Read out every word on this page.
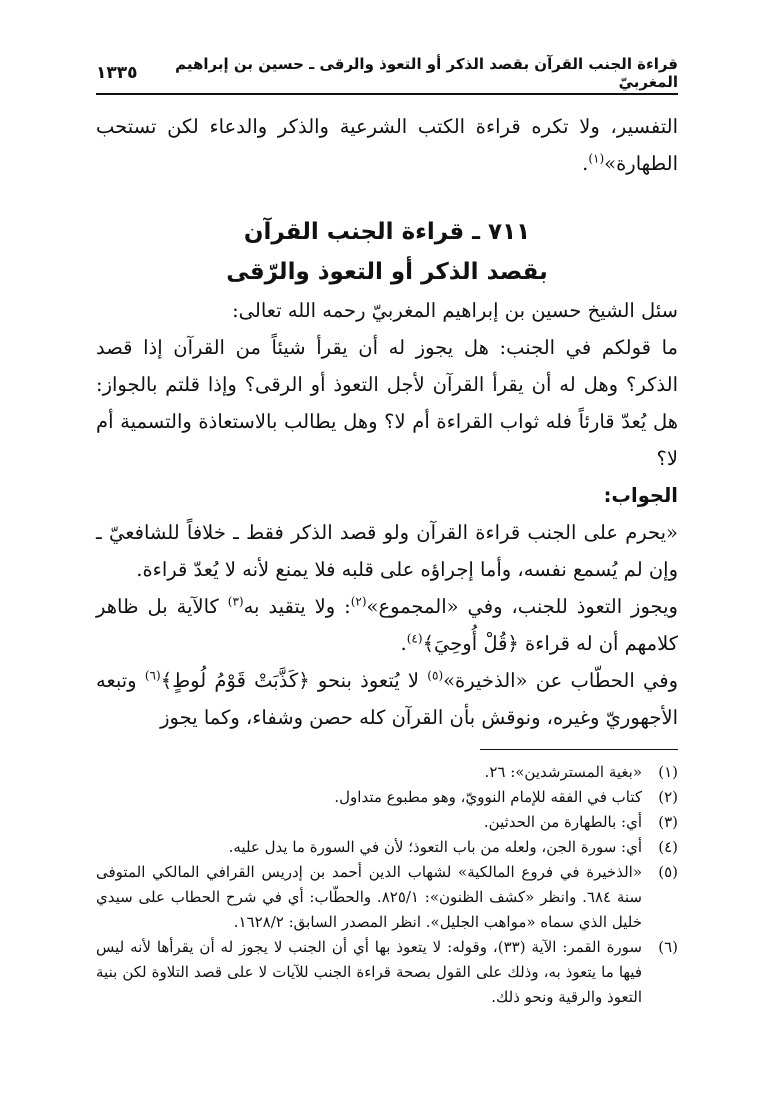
قراءة الجنب القرآن بقصد الذكر أو التعوذ والرقى ـ حسين بن إبراهيم المغربيّ
١٣٣٥

التفسير، ولا تكره قراءة الكتب الشرعية والذكر والدعاء لكن تستحب الطهارة»$^{(١)}$.

٧١١ ـ قراءة الجنب القرآن
بقصد الذكر أو التعوذ والرّقى

سئل الشيخ حسين بن إبراهيم المغربيّ رحمه الله تعالى:

ما قولكم في الجنب: هل يجوز له أن يقرأ شيئاً من القرآن إذا قصد الذكر؟ وهل له أن يقرأ القرآن لأجل التعوذ أو الرقى؟ وإذا قلتم بالجواز: هل يُعدّ قارئاً فله ثواب القراءة أم لا؟ وهل يطالب بالاستعاذة والتسمية أم لا؟

الجواب:

«يحرم على الجنب قراءة القرآن ولو قصد الذكر فقط ـ خلافاً للشافعيّ ـ وإن لم يُسمع نفسه، وأما إجراؤه على قلبه فلا يمنع لأنه لا يُعدّ قراءة.

ويجوز التعوذ للجنب، وفي «المجموع»$^{(٢)}$: ولا يتقيد به$^{(٣)}$ كالآية بل ظاهر كلامهم أن له قراءة ﴿قُلْ أُوحِيَ﴾$^{(٤)}$.

وفي الحطّاب عن «الذخيرة»$^{(٥)}$ لا يُتعوذ بنحو ﴿كَذَّبَتْ قَوْمُ لُوطٍ﴾$^{(٦)}$ وتبعه الأجهوريّ وغيره، ونوقش بأن القرآن كله حصن وشفاء، وكما يجوز

(١)
«بغية المسترشدين»: ٢٦.
(٢)
كتاب في الفقه للإمام النوويّ، وهو مطبوع متداول.
(٣)
أي: بالطهارة من الحدثين.
(٤)
أي: سورة الجن، ولعله من باب التعوذ؛ لأن في السورة ما يدل عليه.
(٥)
«الذخيرة في فروع المالكية» لشهاب الدين أحمد بن إدريس القرافي المالكي المتوفى سنة ٦٨٤. وانظر «كشف الظنون»: ٨٢٥/١. والحطّاب: أي في شرح الحطاب على سيدي خليل الذي سماه «مواهب الجليل». انظر المصدر السابق: ١٦٢٨/٢.
(٦)
سورة القمر: الآية (٣٣)، وقوله: لا يتعوذ بها أي أن الجنب لا يجوز له أن يقرأها لأنه ليس فيها ما يتعوذ به، وذلك على القول بصحة قراءة الجنب للآيات لا على قصد التلاوة لكن بنية التعوذ والرقية ونحو ذلك.
